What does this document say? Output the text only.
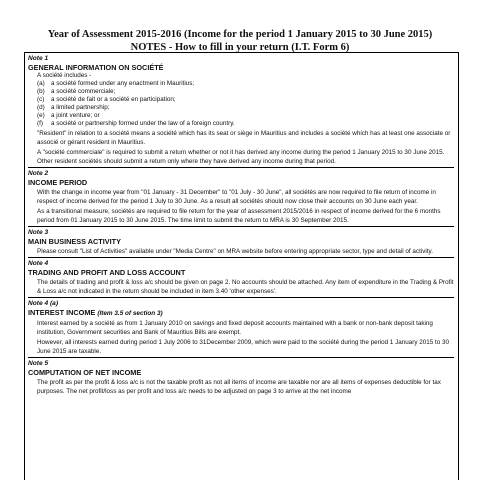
Year of Assessment 2015-2016 (Income for the period 1 January 2015 to 30 June 2015)
NOTES - How to fill in your return (I.T. Form 6)
Note 1
GENERAL INFORMATION ON SOCIÉTÉ
A société includes -
(a) a société formed under any enactment in Mauritius;
(b) a société commerciale;
(c)	a société de fait or a société en participation;
(d) a limited partnership;
(e) a joint venture; or
(f)	a société or partnership formed under the law of a foreign country.
"Resident" in relation to a société means a société which has its seat or siège in Mauritius and includes a société which has at least one associate or associé or gérant resident in Mauritius.
A "société commerciale" is required to submit a return whether or not it has derived any income during the period 1 January 2015 to 30 June 2015. Other resident sociétés should submit a return only where they have derived any income during that period.
Note 2
INCOME PERIOD
With the change in income year from "01 January - 31 December" to "01 July - 30 June", all sociétés are now required to file return of income in respect of income derived for the period 1 July to 30 June. As a result all sociétés should now close their accounts on 30 June each year.
As a transitional measure, sociétés are required to file return for the year of assessment 2015/2016 in respect of income derived for the 6 months period from 01 January 2015 to 30 June 2015. The time limit to submit the return to MRA is 30 September 2015.
Note 3
MAIN BUSINESS ACTIVITY
Please consult "List of Activities" available under "Media Centre" on MRA website before entering appropriate sector, type and detail of activity.
Note 4
TRADING AND PROFIT AND LOSS ACCOUNT
The details of trading and profit & loss a/c should be given on page 2. No accounts should be attached. Any item of expenditure in the Trading & Profit & Loss a/c not indicated in the return should be included in item 3.40 'other expenses'.
Note 4 (a)
INTEREST INCOME (Item 3.5 of section 3)
Interest earned by a société as from 1 January 2010 on savings and fixed deposit accounts maintained with a bank or non-bank deposit taking institution, Government securities and Bank of Mauritius Bills are exempt.
However, all interests earned during period 1 July 2006 to 31December 2009, which were paid to the société during the period 1 January 2015 to 30 June 2015 are taxable.
Note 5
COMPUTATION OF NET INCOME
The profit as per the profit & loss a/c is not the taxable profit as not all items of income are taxable nor are all items of expenses deductible for tax purposes. The net profit/loss as per profit and loss a/c needs to be adjusted on page 3 to arrive at the net income
